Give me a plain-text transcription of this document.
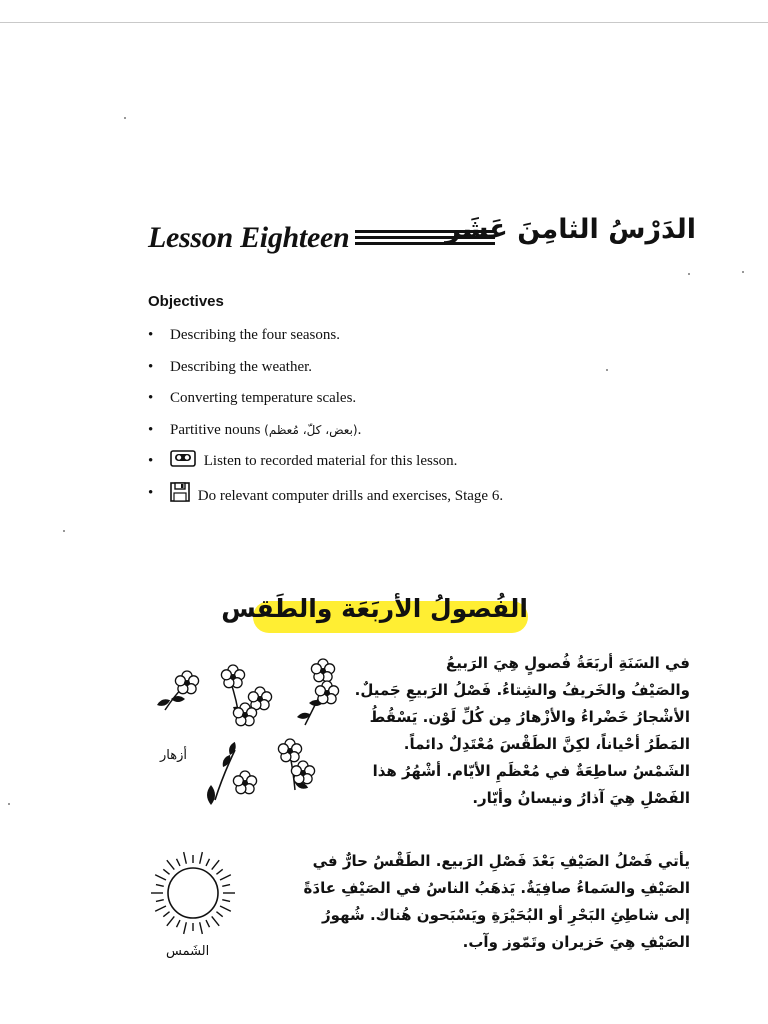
Lesson Eighteen	الدَرْسُ الثامِنَ عَشَر
Objectives
• Describing the four seasons.
• Describing the weather.
• Converting temperature scales.
• Partitive nouns (بعض، كلّ، مُعظم).
•	Listen to recorded material for this lesson.
•	Do relevant computer drills and exercises, Stage 6.
الفُصولُ الأربَعَة والطَقس
في السَنَةِ أربَعَةُ فُصولٍ هِيَ الرَبيعُ
والصَيْفُ والخَريفُ والشِتاءُ. فَصْلُ الرَبيعِ جَميلٌ.
الأشْجارُ خَضْراءُ والأزْهارُ مِن كُلِّ لَوْن. يَسْقُطُ
المَطَرُ أحْياناً، لكِنَّ الطَقْسَ مُعْتَدِلٌ دائماً.
الشَمْسُ ساطِعَةٌ في مُعْظَمِ الأيّام. أشْهُرُ هذا
الفَصْلِ هِيَ آذارُ ونيسانُ وأيّار.
أزهار
يأتي فَصْلُ الصَيْفِ بَعْدَ فَصْلِ الرَبيع. الطَقْسُ حارٌّ في
الصَيْفِ والسَماءُ صافِيَةٌ. يَذهَبُ الناسُ في الصَيْفِ عادَةً
إلى شاطِئِ البَحْرِ أو البُحَيْرَةِ ويَسْبَحون هُناك. شُهورُ
الصَيْفِ هِيَ حَزيران وتَمّوز وآب.
الشَمس
